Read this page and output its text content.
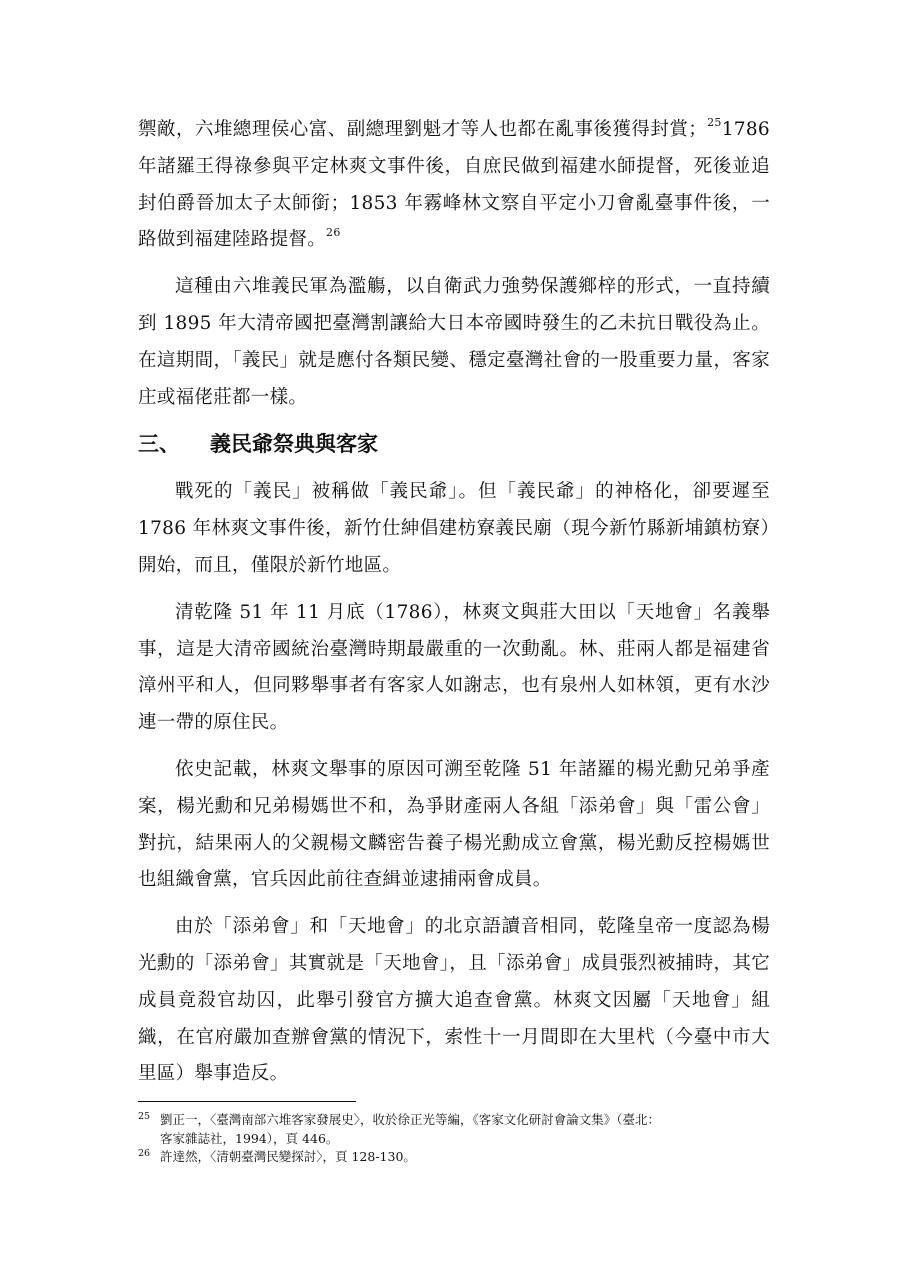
禦敵，六堆總理侯心富、副總理劉魁才等人也都在亂事後獲得封賞；$^{25}$1786 年諸羅王得祿參與平定林爽文事件後，自庶民做到福建水師提督，死後並追封伯爵晉加太子太師銜；1853 年霧峰林文察自平定小刀會亂臺事件後，一路做到福建陸路提督。$^{26}$

這種由六堆義民軍為濫觴，以自衛武力強勢保護鄉梓的形式，一直持續到 1895 年大清帝國把臺灣割讓給大日本帝國時發生的乙未抗日戰役為止。在這期間，「義民」就是應付各類民變、穩定臺灣社會的一股重要力量，客家庄或福佬莊都一樣。

三、	義民爺祭典與客家

戰死的「義民」被稱做「義民爺」。但「義民爺」的神格化，卻要遲至 1786 年林爽文事件後，新竹仕紳倡建枋寮義民廟（現今新竹縣新埔鎮枋寮）開始，而且，僅限於新竹地區。

清乾隆 51 年 11 月底（1786），林爽文與莊大田以「天地會」名義舉事，這是大清帝國統治臺灣時期最嚴重的一次動亂。林、莊兩人都是福建省漳州平和人，但同夥舉事者有客家人如謝志，也有泉州人如林領，更有水沙連一帶的原住民。

依史記載，林爽文舉事的原因可溯至乾隆 51 年諸羅的楊光勳兄弟爭產案，楊光勳和兄弟楊媽世不和，為爭財產兩人各組「添弟會」與「雷公會」對抗，結果兩人的父親楊文麟密告養子楊光勳成立會黨，楊光勳反控楊媽世也組織會黨，官兵因此前往查緝並逮捕兩會成員。

由於「添弟會」和「天地會」的北京語讀音相同，乾隆皇帝一度認為楊光勳的「添弟會」其實就是「天地會」，且「添弟會」成員張烈被捕時，其它成員竟殺官劫囚，此舉引發官方擴大追查會黨。林爽文因屬「天地會」組織，在官府嚴加查辦會黨的情況下，索性十一月間即在大里杙（今臺中市大里區）舉事造反。

25 劉正一，〈臺灣南部六堆客家發展史〉，收於徐正光等編，《客家文化研討會論文集》（臺北：
客家雜誌社，1994），頁 446。
26 許達然，〈清朝臺灣民變探討〉，頁 128-130。
